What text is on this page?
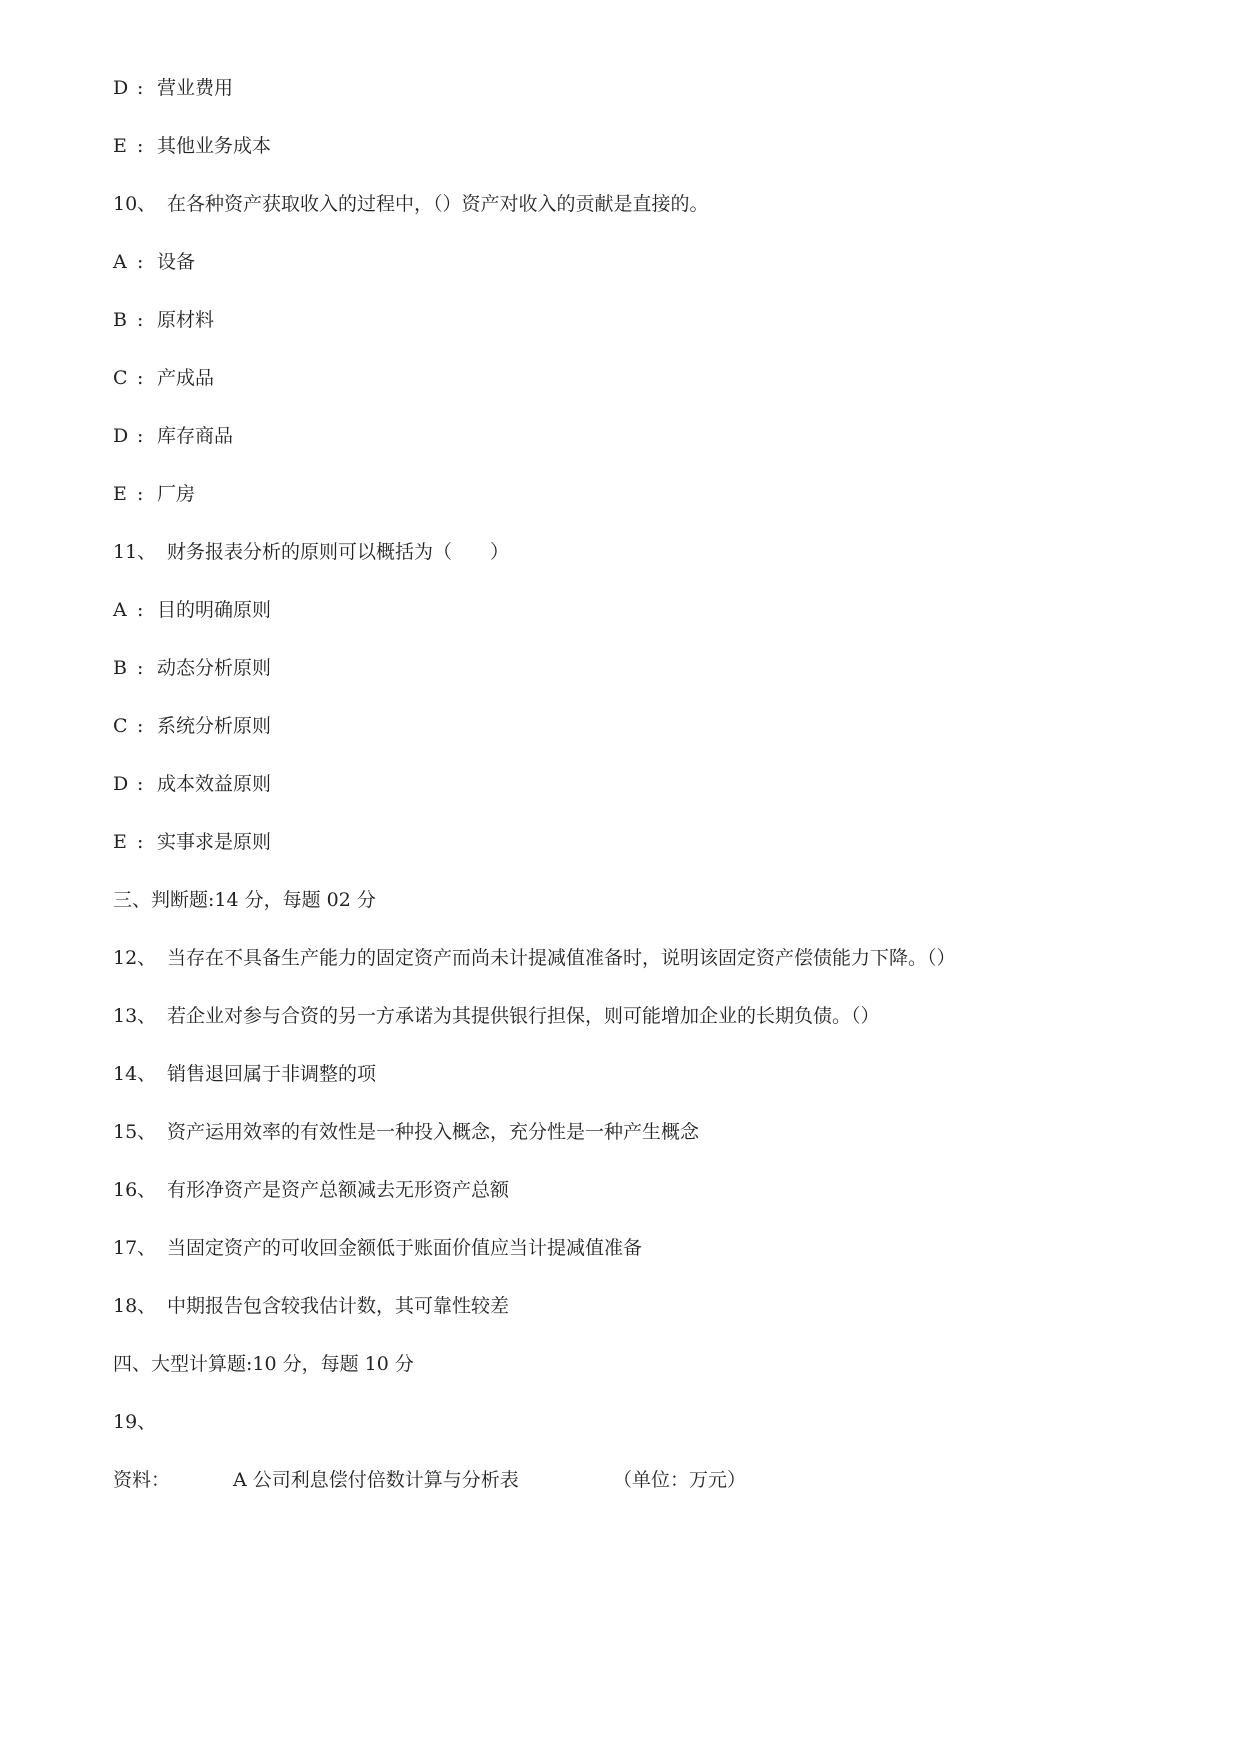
D : 营业费用
E : 其他业务成本
10、 在各种资产获取收入的过程中，（）资产对收入的贡献是直接的。
A : 设备
B : 原材料
C : 产成品
D : 库存商品
E : 厂房
11、 财务报表分析的原则可以概括为（　　）
A : 目的明确原则
B : 动态分析原则
C : 系统分析原则
D : 成本效益原则
E : 实事求是原则
三、判断题:14 分，每题 02 分
12、 当存在不具备生产能力的固定资产而尚未计提减值准备时，说明该固定资产偿债能力下降。（）
13、 若企业对参与合资的另一方承诺为其提供银行担保，则可能增加企业的长期负债。（）
14、 销售退回属于非调整的项
15、 资产运用效率的有效性是一种投入概念，充分性是一种产生概念
16、 有形净资产是资产总额减去无形资产总额
17、 当固定资产的可收回金额低于账面价值应当计提减值准备
18、 中期报告包含较我估计数，其可靠性较差
四、大型计算题:10 分，每题 10 分
19、
资料：	A 公司利息偿付倍数计算与分析表	（单位：万元）
